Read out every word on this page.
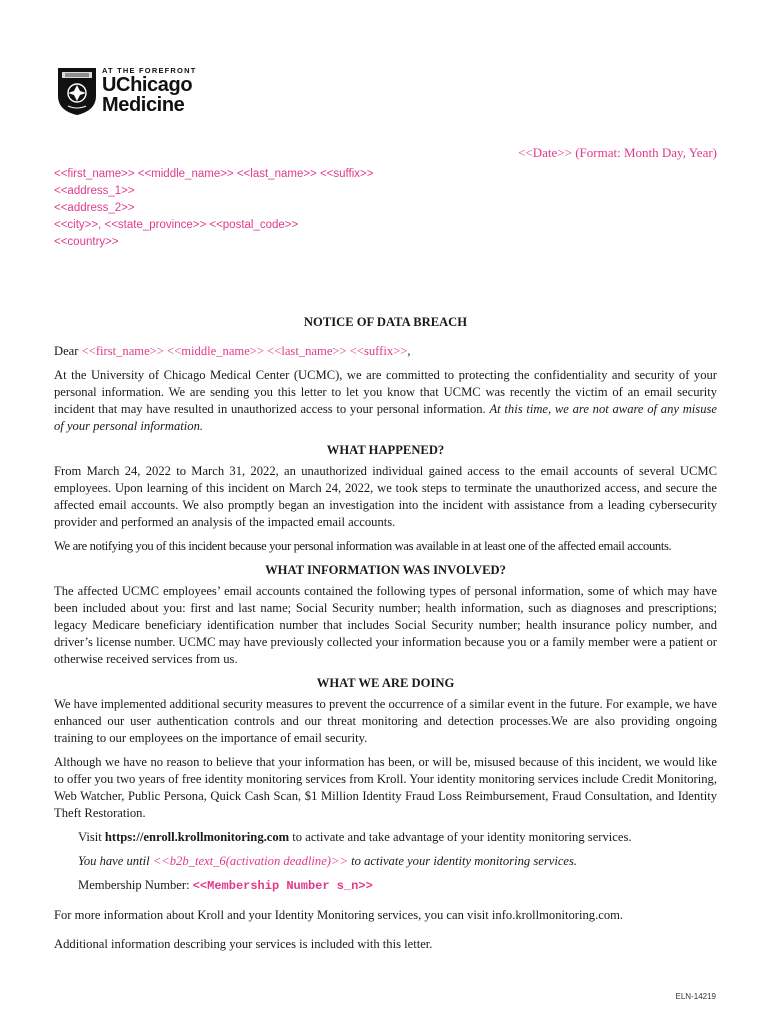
AT THE FOREFRONT
UChicago
Medicine
<<Date>> (Format: Month Day, Year)
<<first_name>> <<middle_name>> <<last_name>> <<suffix>>
<<address_1>>
<<address_2>>
<<city>>, <<state_province>> <<postal_code>>
<<country>>
NOTICE OF DATA BREACH

Dear <<first_name>> <<middle_name>> <<last_name>> <<suffix>>,

At the University of Chicago Medical Center (UCMC), we are committed to protecting the confidentiality and security of your personal information. We are sending you this letter to let you know that UCMC was recently the victim of an email security incident that may have resulted in unauthorized access to your personal information. At this time, we are not aware of any misuse of your personal information.

WHAT HAPPENED?

From March 24, 2022 to March 31, 2022, an unauthorized individual gained access to the email accounts of several UCMC employees. Upon learning of this incident on March 24, 2022, we took steps to terminate the unauthorized access, and secure the affected email accounts. We also promptly began an investigation into the incident with assistance from a leading cybersecurity provider and performed an analysis of the impacted email accounts.

We are notifying you of this incident because your personal information was available in at least one of the affected email accounts.

WHAT INFORMATION WAS INVOLVED?

The affected UCMC employees’ email accounts contained the following types of personal information, some of which may have been included about you: first and last name; Social Security number; health information, such as diagnoses and prescriptions; legacy Medicare beneficiary identification number that includes Social Security number; health insurance policy number, and driver’s license number. UCMC may have previously collected your information because you or a family member were a patient or otherwise received services from us.

WHAT WE ARE DOING

We have implemented additional security measures to prevent the occurrence of a similar event in the future. For example, we have enhanced our user authentication controls and our threat monitoring and detection processes.We are also providing ongoing training to our employees on the importance of email security.

Although we have no reason to believe that your information has been, or will be, misused because of this incident, we would like to offer you two years of free identity monitoring services from Kroll. Your identity monitoring services include Credit Monitoring, Web Watcher, Public Persona, Quick Cash Scan, $1 Million Identity Fraud Loss Reimbursement, Fraud Consultation, and Identity Theft Restoration.

Visit https://enroll.krollmonitoring.com to activate and take advantage of your identity monitoring services.

You have until <<b2b_text_6(activation deadline)>> to activate your identity monitoring services.

Membership Number: <<Membership Number s_n>>

For more information about Kroll and your Identity Monitoring services, you can visit info.krollmonitoring.com.

Additional information describing your services is included with this letter.

ELN-14219
